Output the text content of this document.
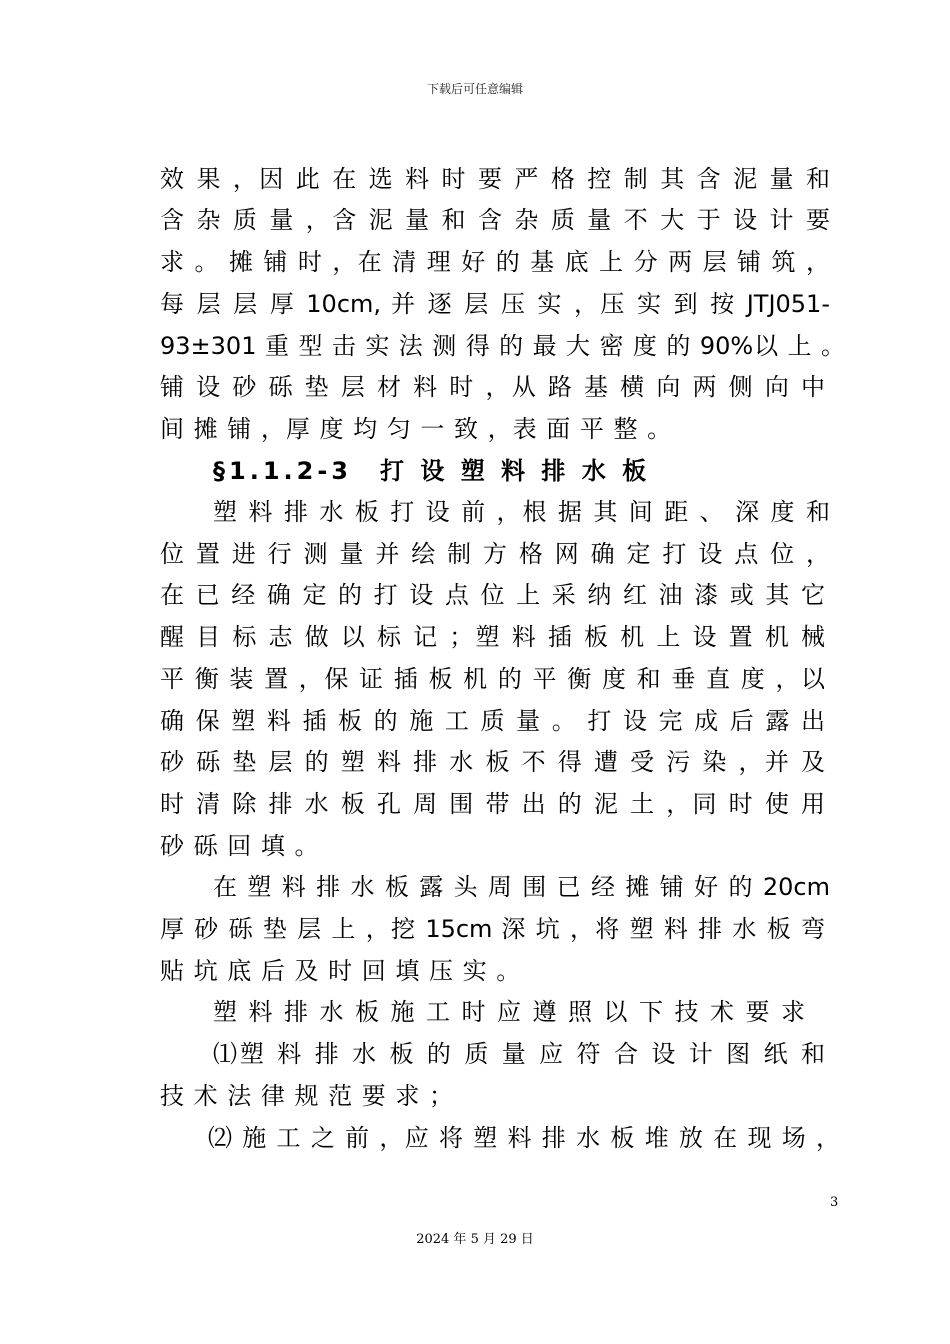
下载后可任意编辑
效 果 ，因 此 在 选 料 时 要 严 格 控 制 其 含 泥 量 和
含 杂 质 量 ，含 泥 量 和 含 杂 质 量 不 大 于 设 计 要
求 。 摊 铺 时 ，在 清 理 好 的 基 底 上 分 两 层 铺 筑 ，
每 层 层 厚 10cm, 并 逐 层 压 实 ，压 实 到 按 JTJ051-
93±301 重 型 击 实 法 测 得 的 最 大 密 度 的 90%以 上 。
铺 设 砂 砾 垫 层 材 料 时 ，从 路 基 横 向 两 侧 向 中
间 摊 铺 ，厚 度 均 匀 一 致 ，表 面 平 整 。
§1.1.2-3　打 设 塑 料 排 水 板
塑 料 排 水 板 打 设 前 ，根 据 其 间 距 、 深 度 和
位 置 进 行 测 量 并 绘 制 方 格 网 确 定 打 设 点 位 ，
在 已 经 确 定 的 打 设 点 位 上 采 纳 红 油 漆 或 其 它
醒 目 标 志 做 以 标 记 ；塑 料 插 板 机 上 设 置 机 械
平 衡 装 置 ，保 证 插 板 机 的 平 衡 度 和 垂 直 度 ，以
确 保 塑 料 插 板 的 施 工 质 量 。 打 设 完 成 后 露 出
砂 砾 垫 层 的 塑 料 排 水 板 不 得 遭 受 污 染 ，并 及
时 清 除 排 水 板 孔 周 围 带 出 的 泥 土 ，同 时 使 用
砂 砾 回 填 。
在 塑 料 排 水 板 露 头 周 围 已 经 摊 铺 好 的 20cm
厚 砂 砾 垫 层 上 ，挖 15cm 深 坑 ，将 塑 料 排 水 板 弯
贴 坑 底 后 及 时 回 填 压 实 。
塑 料 排 水 板 施 工 时 应 遵 照 以 下 技 术 要 求
⑴塑 料 排 水 板 的 质 量 应 符 合 设 计 图 纸 和
技 术 法 律 规 范 要 求 ；
⑵ 施 工 之 前 ，应 将 塑 料 排 水 板 堆 放 在 现 场 ，
3
2024 年 5 月 29 日
